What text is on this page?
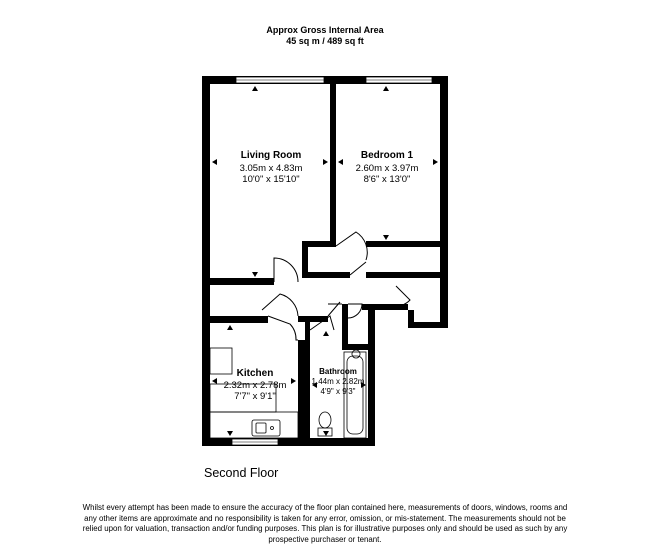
Approx Gross Internal Area
45 sq m / 489 sq ft
Living Room
3.05m x 4.83m
10'0" x 15'10"
Bedroom 1
2.60m x 3.97m
8'6" x 13'0"
Kitchen
2.32m x 2.78m
7'7" x 9'1"
Bathroom
1.44m x 2.82m
4'9" x 9'3"
Second Floor
Whilst every attempt has been made to ensure the accuracy of the floor plan contained here, measurements of doors, windows, rooms and any other items are approximate and no responsibility is taken for any error, omission, or mis-statement. The measurements should not be relied upon for valuation, transaction and/or funding purposes. This plan is for illustrative purposes only and should be used as such by any prospective purchaser or tenant.
